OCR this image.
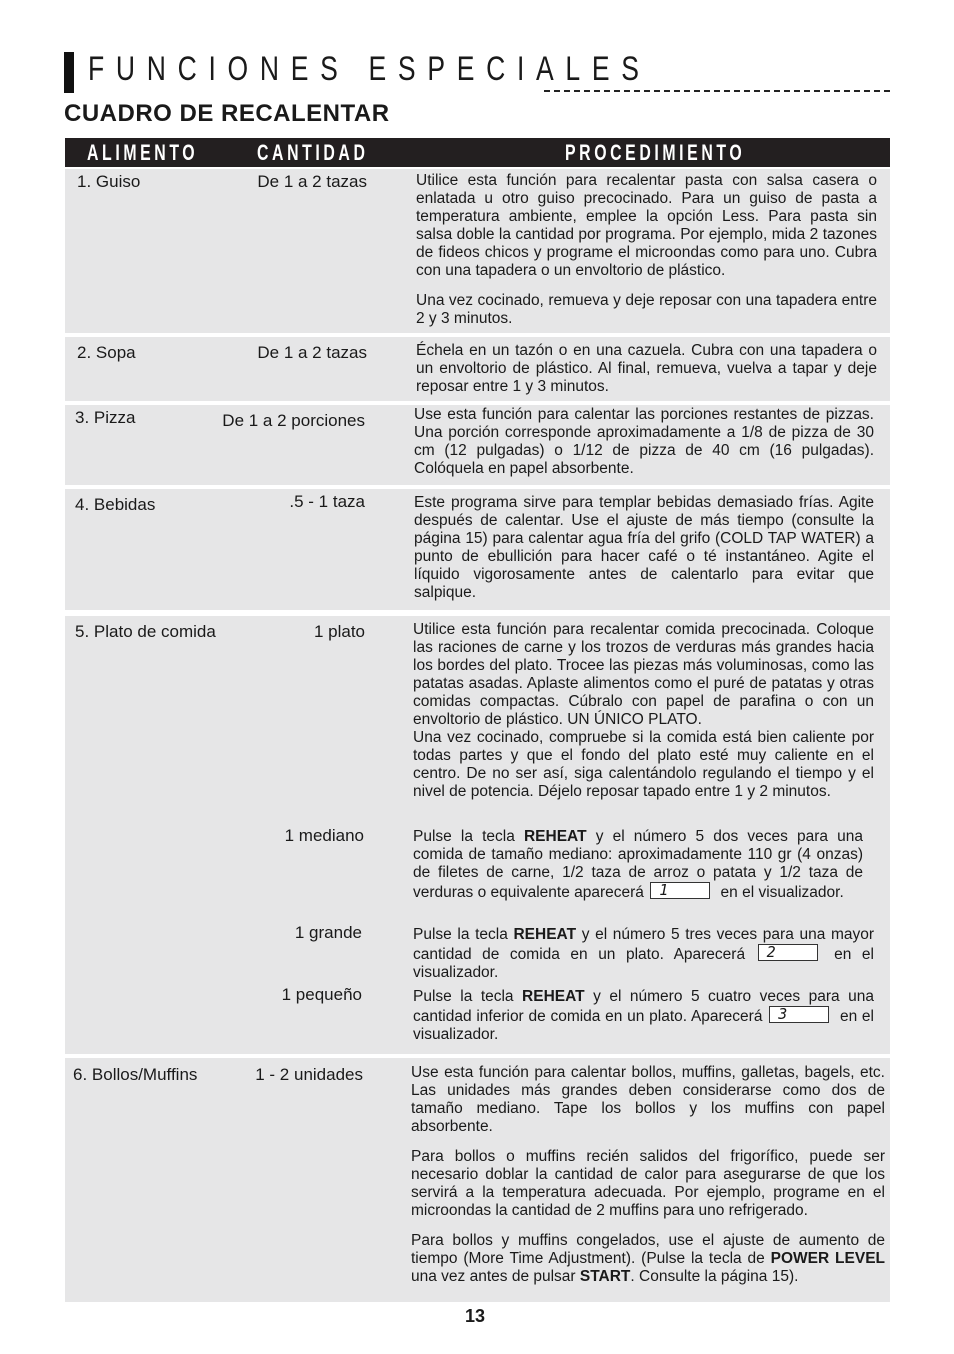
FUNCIONES ESPECIALES
CUADRO DE RECALENTAR
ALIMENTO	CANTIDAD	PROCEDIMIENTO
1. Guiso	De 1 a 2 tazas	Utilice esta función para recalentar pasta con salsa casera o enlatada u otro guiso precocinado. Para un guiso de pasta a temperatura ambiente, emplee la opción Less. Para pasta sin salsa doble la cantidad por programa. Por ejemplo, mida 2 tazones de fideos chicos y programe el microondas como para uno. Cubra con una tapadera o un envoltorio de plástico.

Una vez cocinado, remueva y deje reposar con una tapadera entre 2 y 3 minutos.

2. Sopa	De 1 a 2 tazas	Échela en un tazón o en una cazuela. Cubra con una tapadera o un envoltorio de plástico. Al final, remueva, vuelva a tapar y deje reposar entre 1 y 3 minutos.

3. Pizza	De 1 a 2 porciones	Use esta función para calentar las porciones restantes de pizzas. Una porción corresponde aproximadamente a 1/8 de pizza de 30 cm (12 pulgadas) o 1/12 de pizza de 40 cm (16 pulgadas). Colóquela en papel absorbente.

4. Bebidas	.5 - 1 taza	Este programa sirve para templar bebidas demasiado frías. Agite después de calentar. Use el ajuste de más tiempo (consulte la página 15) para calentar agua fría del grifo (COLD TAP WATER) a punto de ebullición para hacer café o té instantáneo. Agite el líquido vigorosamente antes de calentarlo para evitar que salpique.

5. Plato de comida	1 plato	Utilice esta función para recalentar comida precocinada. Coloque las raciones de carne y los trozos de verduras más grandes hacia los bordes del plato. Trocee las piezas más voluminosas, como las patatas asadas. Aplaste alimentos como el puré de patatas y otras comidas compactas. Cúbralo con papel de parafina o con un envoltorio de plástico. UN ÚNICO PLATO.

Una vez cocinado, compruebe si la comida está bien caliente por todas partes y que el fondo del plato esté muy caliente en el centro. De no ser así, siga calentándolo regulando el tiempo y el nivel de potencia. Déjelo reposar tapado entre 1 y 2 minutos.

1 mediano	Pulse la tecla REHEAT y el número 5 dos veces para una comida de tamaño mediano: aproximadamente 110 gr (4 onzas) de filetes de carne, 1/2 taza de arroz o patata y 1/2 taza de verduras o equivalente aparecerá 1	en el visualizador.

1 grande	Pulse la tecla REHEAT y el número 5 tres veces para una mayor cantidad de comida en un plato. Aparecerá 2	en el visualizador.

1 pequeño	Pulse la tecla REHEAT y el número 5 cuatro veces para una cantidad inferior de comida en un plato. Aparecerá 3	en el visualizador.

6. Bollos/Muffins	1 - 2 unidades	Use esta función para calentar bollos, muffins, galletas, bagels, etc. Las unidades más grandes deben considerarse como dos de tamaño mediano. Tape los bollos y los muffins con papel absorbente.

Para bollos o muffins recién salidos del frigorífico, puede ser necesario doblar la cantidad de calor para asegurarse de que los servirá a la temperatura adecuada. Por ejemplo, programe en el microondas la cantidad de 2 muffins para uno refrigerado.

Para bollos y muffins congelados, use el ajuste de aumento de tiempo (More Time Adjustment). (Pulse la tecla de POWER LEVEL una vez antes de pulsar START. Consulte la página 15).

13
